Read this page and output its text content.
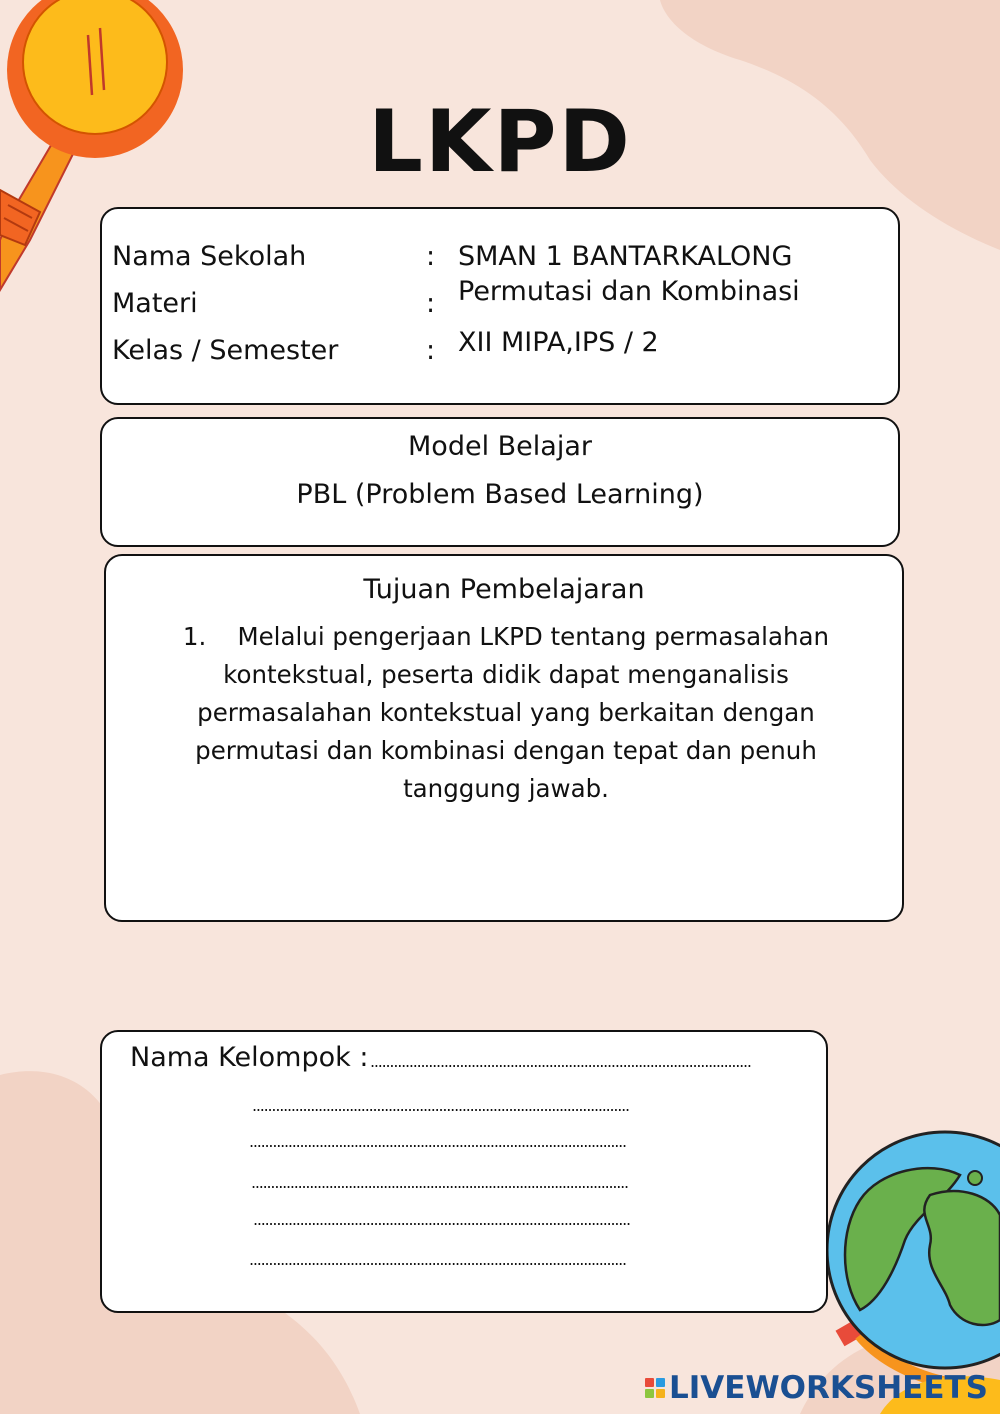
LKPD
Nama Sekolah	: SMAN 1 BANTARKALONG
Materi	: Permutasi dan Kombinasi
Kelas / Semester	: XII MIPA,IPS / 2
Model Belajar
PBL (Problem Based Learning)
Tujuan Pembelajaran
1.    Melalui pengerjaan LKPD tentang permasalahan kontekstual, peserta didik dapat menganalisis permasalahan kontekstual yang berkaitan dengan permutasi dan kombinasi dengan tepat dan penuh tanggung jawab.
Nama Kelompok : ..................................................................................................
.................................................................................................
.................................................................................................
.................................................................................................
.................................................................................................
.................................................................................................
LIVEWORKSHEETS
